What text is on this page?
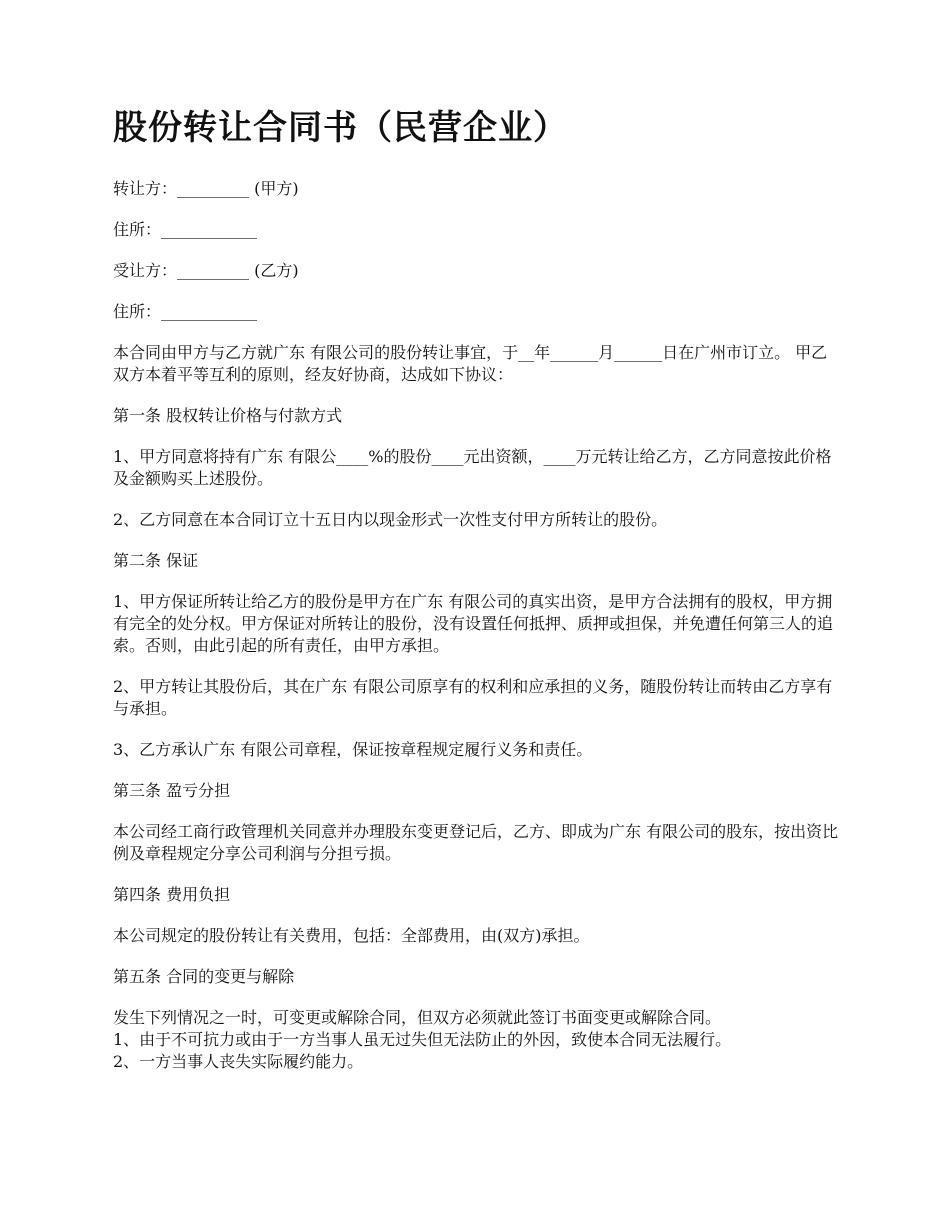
股份转让合同书（民营企业）

转让方：_________ (甲方)

住所：____________

受让方：_________ (乙方)

住所：____________

本合同由甲方与乙方就广东 有限公司的股份转让事宜，于__年______月______日在广州市订立。 甲乙双方本着平等互利的原则，经友好协商，达成如下协议：

第一条 股权转让价格与付款方式

1、甲方同意将持有广东 有限公____%的股份____元出资额，____万元转让给乙方，乙方同意按此价格及金额购买上述股份。

2、乙方同意在本合同订立十五日内以现金形式一次性支付甲方所转让的股份。

第二条 保证

1、甲方保证所转让给乙方的股份是甲方在广东 有限公司的真实出资，是甲方合法拥有的股权，甲方拥有完全的处分权。甲方保证对所转让的股份，没有设置任何抵押、质押或担保，并免遭任何第三人的追索。否则，由此引起的所有责任，由甲方承担。

2、甲方转让其股份后，其在广东 有限公司原享有的权利和应承担的义务，随股份转让而转由乙方享有与承担。

3、乙方承认广东 有限公司章程，保证按章程规定履行义务和责任。

第三条 盈亏分担

本公司经工商行政管理机关同意并办理股东变更登记后，乙方、即成为广东 有限公司的股东，按出资比例及章程规定分享公司利润与分担亏损。

第四条 费用负担

本公司规定的股份转让有关费用，包括：全部费用，由(双方)承担。

第五条 合同的变更与解除

发生下列情况之一时，可变更或解除合同，但双方必须就此签订书面变更或解除合同。

1、由于不可抗力或由于一方当事人虽无过失但无法防止的外因，致使本合同无法履行。

2、一方当事人丧失实际履约能力。
